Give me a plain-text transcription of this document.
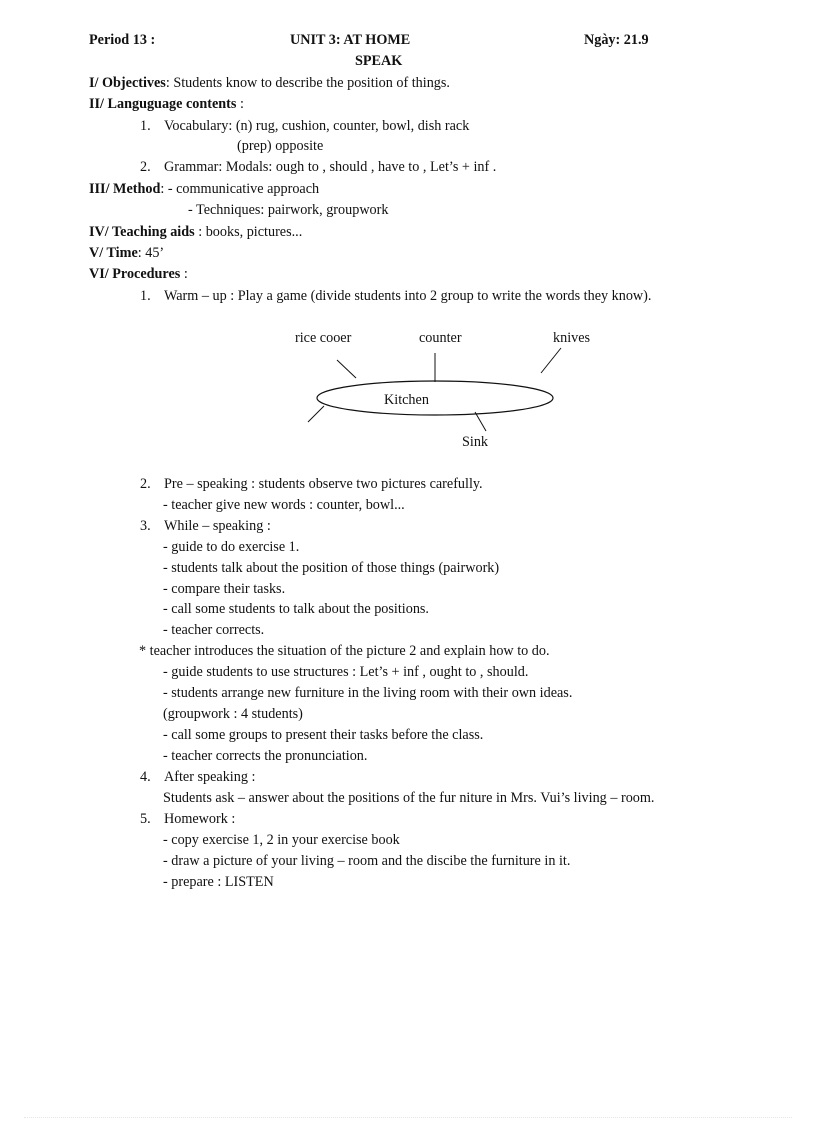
Period 13 :	UNIT 3: AT HOME	Ngày: 21.9
SPEAK
I/ Objectives: Students know to describe the position of things.
II/ Languguage contents :
1. Vocabulary: (n) rug, cushion, counter, bowl, dish rack
(prep) opposite
2. Grammar: Modals: ough to , should , have to , Let’s + inf .
III/ Method: - communicative approach
- Techniques: pairwork, groupwork
IV/ Teaching aids : books, pictures...
V/ Time: 45’
VI/ Procedures :
1. Warm – up : Play a game (divide students into 2 group to write the words they know).
rice cooer	counter	knives
Kitchen
Sink
2. Pre – speaking : students observe two pictures carefully.
- teacher give new words : counter, bowl...
3. While – speaking :
- guide to do exercise 1.
- students talk about the position of those things (pairwork)
- compare their tasks.
- call some students to talk about the positions.
- teacher corrects.
* teacher introduces the situation of the picture 2 and explain how to do.
- guide students to use structures : Let’s + inf , ought to , should.
- students arrange new furniture in the living room with their own ideas.
(groupwork : 4 students)
- call some groups to present their tasks before the class.
- teacher corrects the pronunciation.
4. After speaking :
Students ask – answer about the positions of the fur niture in Mrs. Vui’s living – room.
5. Homework :
- copy exercise 1, 2 in your exercise book
- draw a picture of your living – room and the discibe the furniture in it.
- prepare : LISTEN
